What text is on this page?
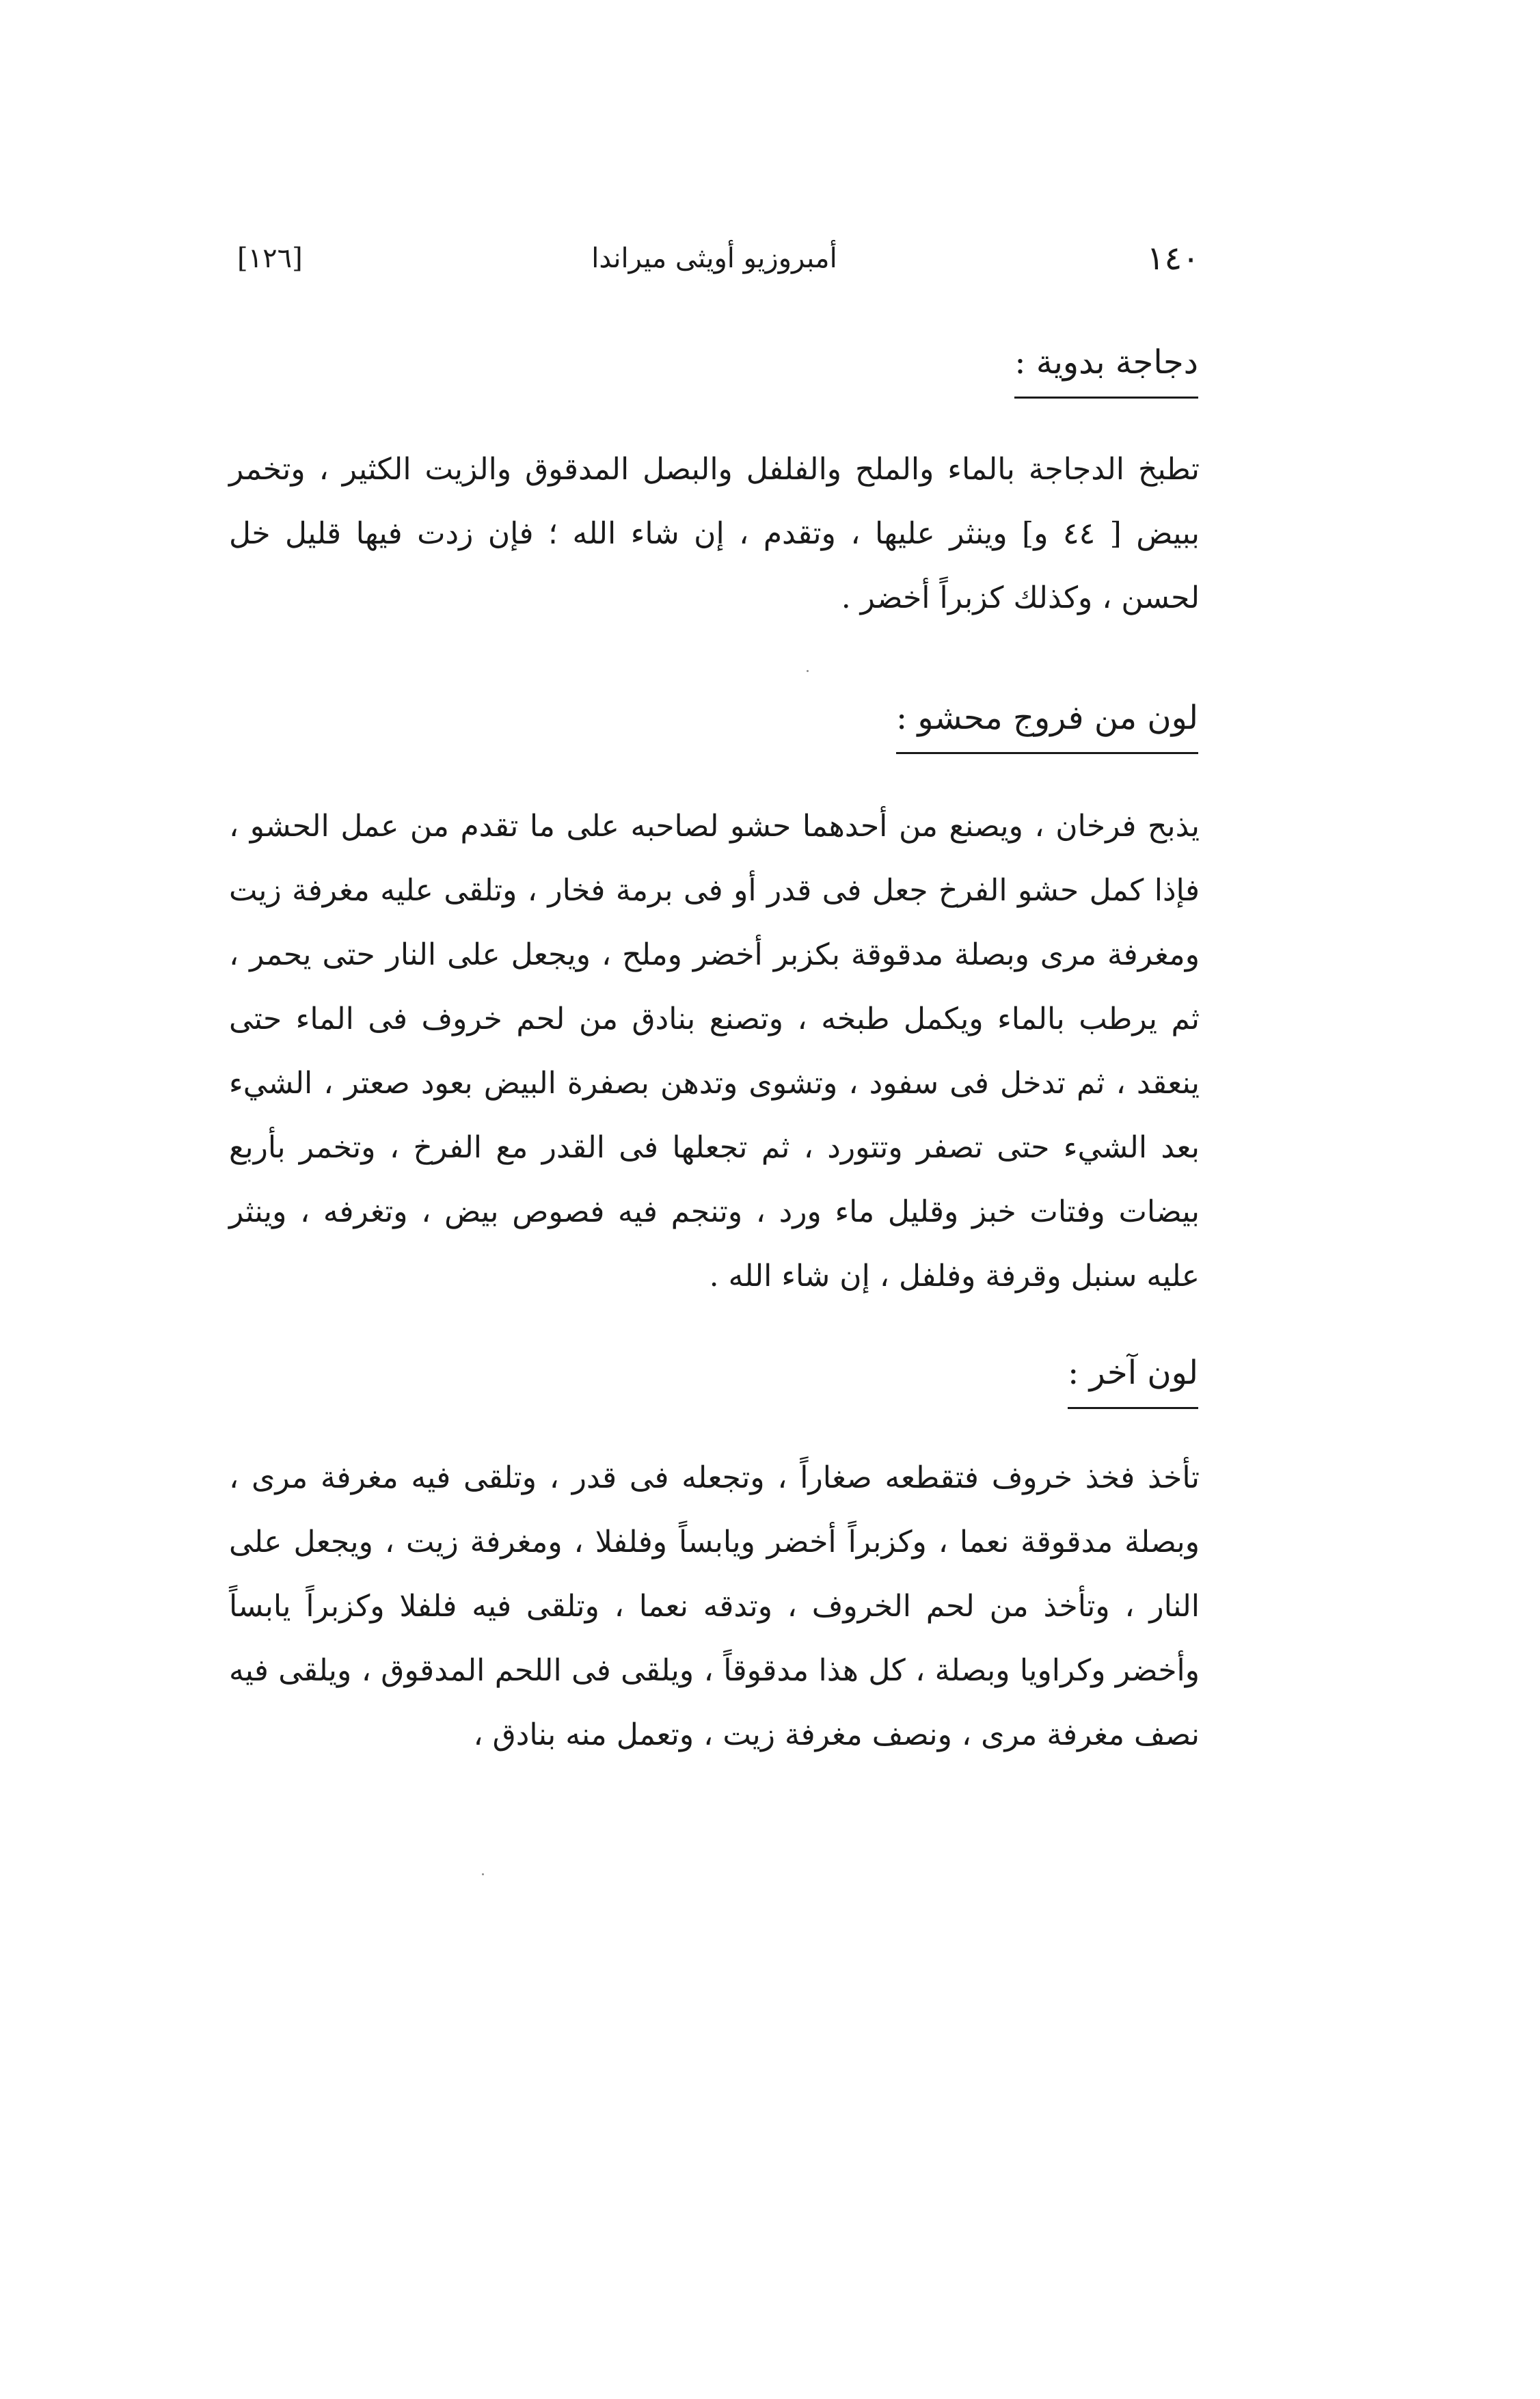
[١٢٦]	أمبروزيو أويثى ميراندا	١٤٠
دجاجة بدوية :

تطبخ الدجاجة بالماء والملح والفلفل والبصل المدقوق والزيت الكثير ، وتخمر ببيض [ ٤٤ و] وينثر عليها ، وتقدم ، إن شاء الله ؛ فإن زدت فيها قليل خل لحسن ، وكذلك كزبراً أخضر .

لون من فروج محشو :

يذبح فرخان ، ويصنع من أحدهما حشو لصاحبه على ما تقدم من عمل الحشو ، فإذا كمل حشو الفرخ جعل فى قدر أو فى برمة فخار ، وتلقى عليه مغرفة زيت ومغرفة مرى وبصلة مدقوقة بكزبر أخضر وملح ، ويجعل على النار حتى يحمر ، ثم يرطب بالماء ويكمل طبخه ، وتصنع بنادق من لحم خروف فى الماء حتى ينعقد ، ثم تدخل فى سفود ، وتشوى وتدهن بصفرة البيض بعود صعتر ، الشيء بعد الشيء حتى تصفر وتتورد ، ثم تجعلها فى القدر مع الفرخ ، وتخمر بأربع بيضات وفتات خبز وقليل ماء ورد ، وتنجم فيه فصوص بيض ، وتغرفه ، وينثر عليه سنبل وقرفة وفلفل ، إن شاء الله .

لون آخر :

تأخذ فخذ خروف فتقطعه صغاراً ، وتجعله فى قدر ، وتلقى فيه مغرفة مرى ، وبصلة مدقوقة نعما ، وكزبراً أخضر ويابساً وفلفلا ، ومغرفة زيت ، ويجعل على النار ، وتأخذ من لحم الخروف ، وتدقه نعما ، وتلقى فيه فلفلا وكزبراً يابساً وأخضر وكراويا وبصلة ، كل هذا مدقوقاً ، ويلقى فى اللحم المدقوق ، ويلقى فيه نصف مغرفة مرى ، ونصف مغرفة زيت ، وتعمل منه بنادق ،
